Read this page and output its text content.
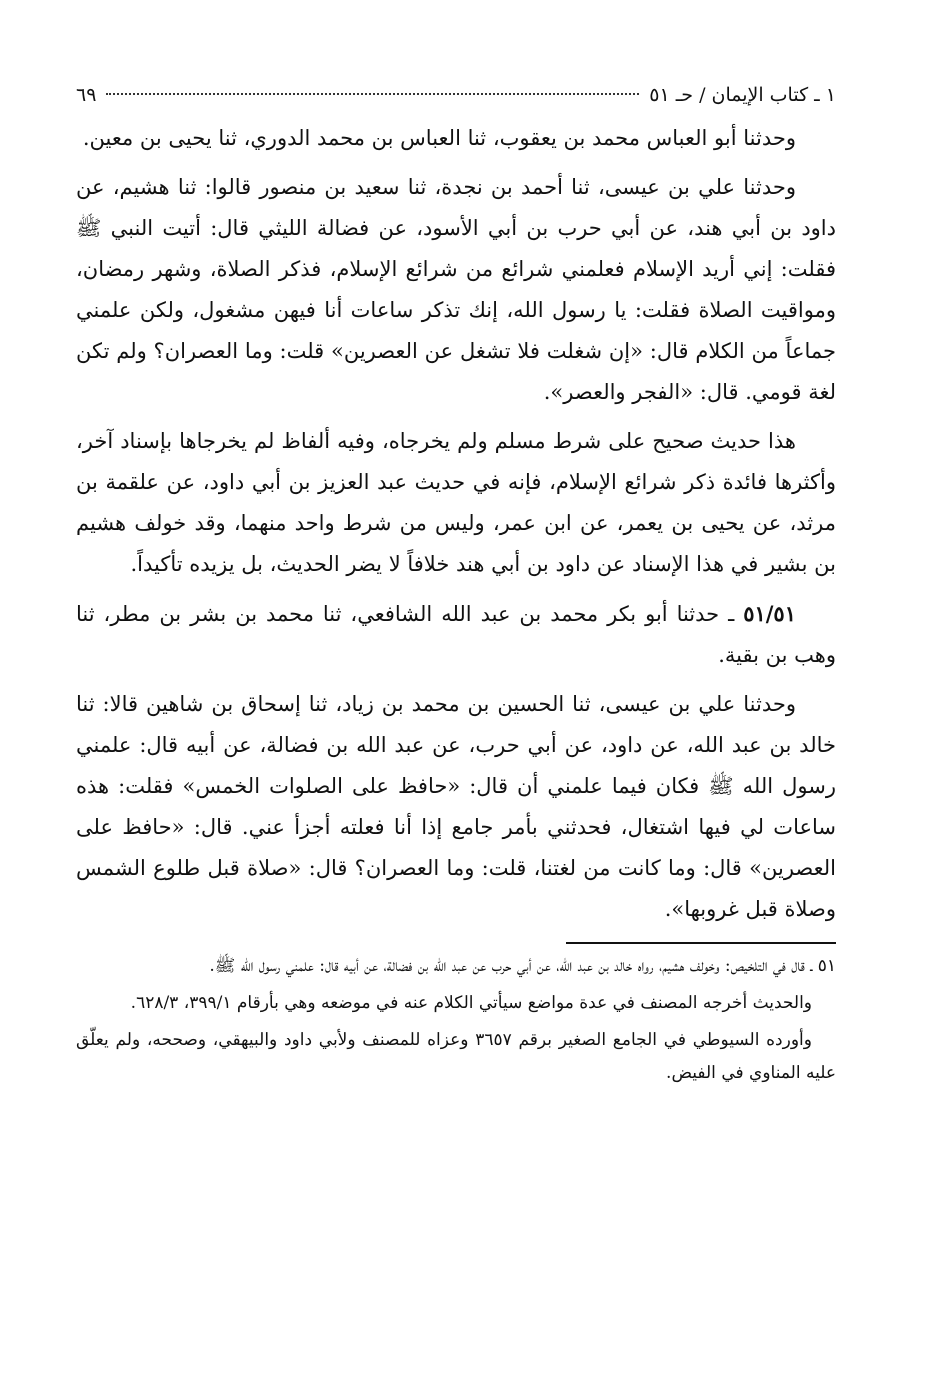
١ ـ كتاب الإيمان / حـ ٥١
٦٩

وحدثنا أبو العباس محمد بن يعقوب، ثنا العباس بن محمد الدوري، ثنا يحيى بن معين.

وحدثنا علي بن عيسى، ثنا أحمد بن نجدة، ثنا سعيد بن منصور قالوا: ثنا هشيم، عن داود بن أبي هند، عن أبي حرب بن أبي الأسود، عن فضالة الليثي قال: أتيت النبي ﷺ فقلت: إني أريد الإسلام فعلمني شرائع من شرائع الإسلام، فذكر الصلاة، وشهر رمضان، ومواقيت الصلاة فقلت: يا رسول الله، إنك تذكر ساعات أنا فيهن مشغول، ولكن علمني جماعاً من الكلام قال: «إن شغلت فلا تشغل عن العصرين» قلت: وما العصران؟ ولم تكن لغة قومي. قال: «الفجر والعصر».

هذا حديث صحيح على شرط مسلم ولم يخرجاه، وفيه ألفاظ لم يخرجاها بإسناد آخر، وأكثرها فائدة ذكر شرائع الإسلام، فإنه في حديث عبد العزيز بن أبي داود، عن علقمة بن مرثد، عن يحيى بن يعمر، عن ابن عمر، وليس من شرط واحد منهما، وقد خولف هشيم بن بشير في هذا الإسناد عن داود بن أبي هند خلافاً لا يضر الحديث، بل يزيده تأكيداً.

٥١/٥١ ـ حدثنا أبو بكر محمد بن عبد الله الشافعي، ثنا محمد بن بشر بن مطر، ثنا وهب بن بقية.

وحدثنا علي بن عيسى، ثنا الحسين بن محمد بن زياد، ثنا إسحاق بن شاهين قالا: ثنا خالد بن عبد الله، عن داود، عن أبي حرب، عن عبد الله بن فضالة، عن أبيه قال: علمني رسول الله ﷺ فكان فيما علمني أن قال: «حافظ على الصلوات الخمس» فقلت: هذه ساعات لي فيها اشتغال، فحدثني بأمر جامع إذا أنا فعلته أجزأ عني. قال: «حافظ على العصرين» قال: وما كانت من لغتنا، قلت: وما العصران؟ قال: «صلاة قبل طلوع الشمس وصلاة قبل غروبها».

٥١ ـ قال في التلخيص: وخولف هشيم، رواه خالد بن عبد الله، عن أبي حرب عن عبد الله بن فضالة، عن أبيه قال: علمني رسول الله ﷺ.

والحديث أخرجه المصنف في عدة مواضع سيأتي الكلام عنه في موضعه وهي بأرقام ٣٩٩/١، ٦٢٨/٣.

وأورده السيوطي في الجامع الصغير برقم ٣٦٥٧ وعزاه للمصنف ولأبي داود والبيهقي، وصححه، ولم يعلّق عليه المناوي في الفيض.
